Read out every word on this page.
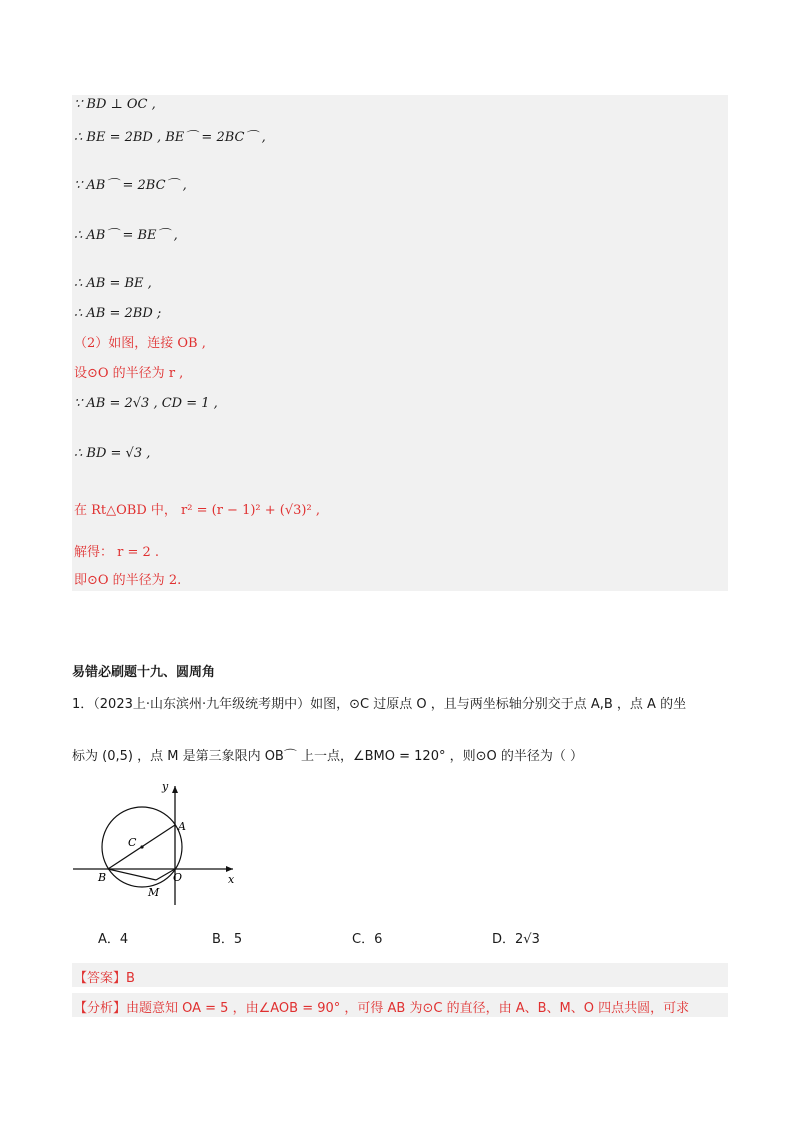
∵ BD ⊥ OC ,
∴ BE = 2BD , BE⌒ = 2BC⌒ ,
∵ AB⌒ = 2BC⌒ ,
∴ AB⌒ = BE⌒ ,
∴ AB = BE ,
∴ AB = 2BD ;
（2）如图，连接 OB ,
设⊙O 的半径为 r ,
∵ AB = 2√3 , CD = 1 ,
∴ BD = √3 ,
在 Rt△OBD 中， r² = (r − 1)² + (√3)² ,
解得： r = 2 .
即⊙O 的半径为 2.
易错必刷题十九、圆周角
1．（2023上·山东滨州·九年级统考期中）如图，⊙C 过原点 O ，且与两坐标轴分别交于点 A,B ，点 A 的坐
标为 (0,5) ，点 M 是第三象限内 OB⌒ 上一点，∠BMO = 120° ，则⊙O 的半径为（ ）
y
x
A
C
B	O
M
A．4	B．5	C．6	D．2√3
【答案】B
【分析】由题意知 OA = 5 ，由∠AOB = 90° ，可得 AB 为⊙C 的直径，由 A、B、M、O 四点共圆，可求
